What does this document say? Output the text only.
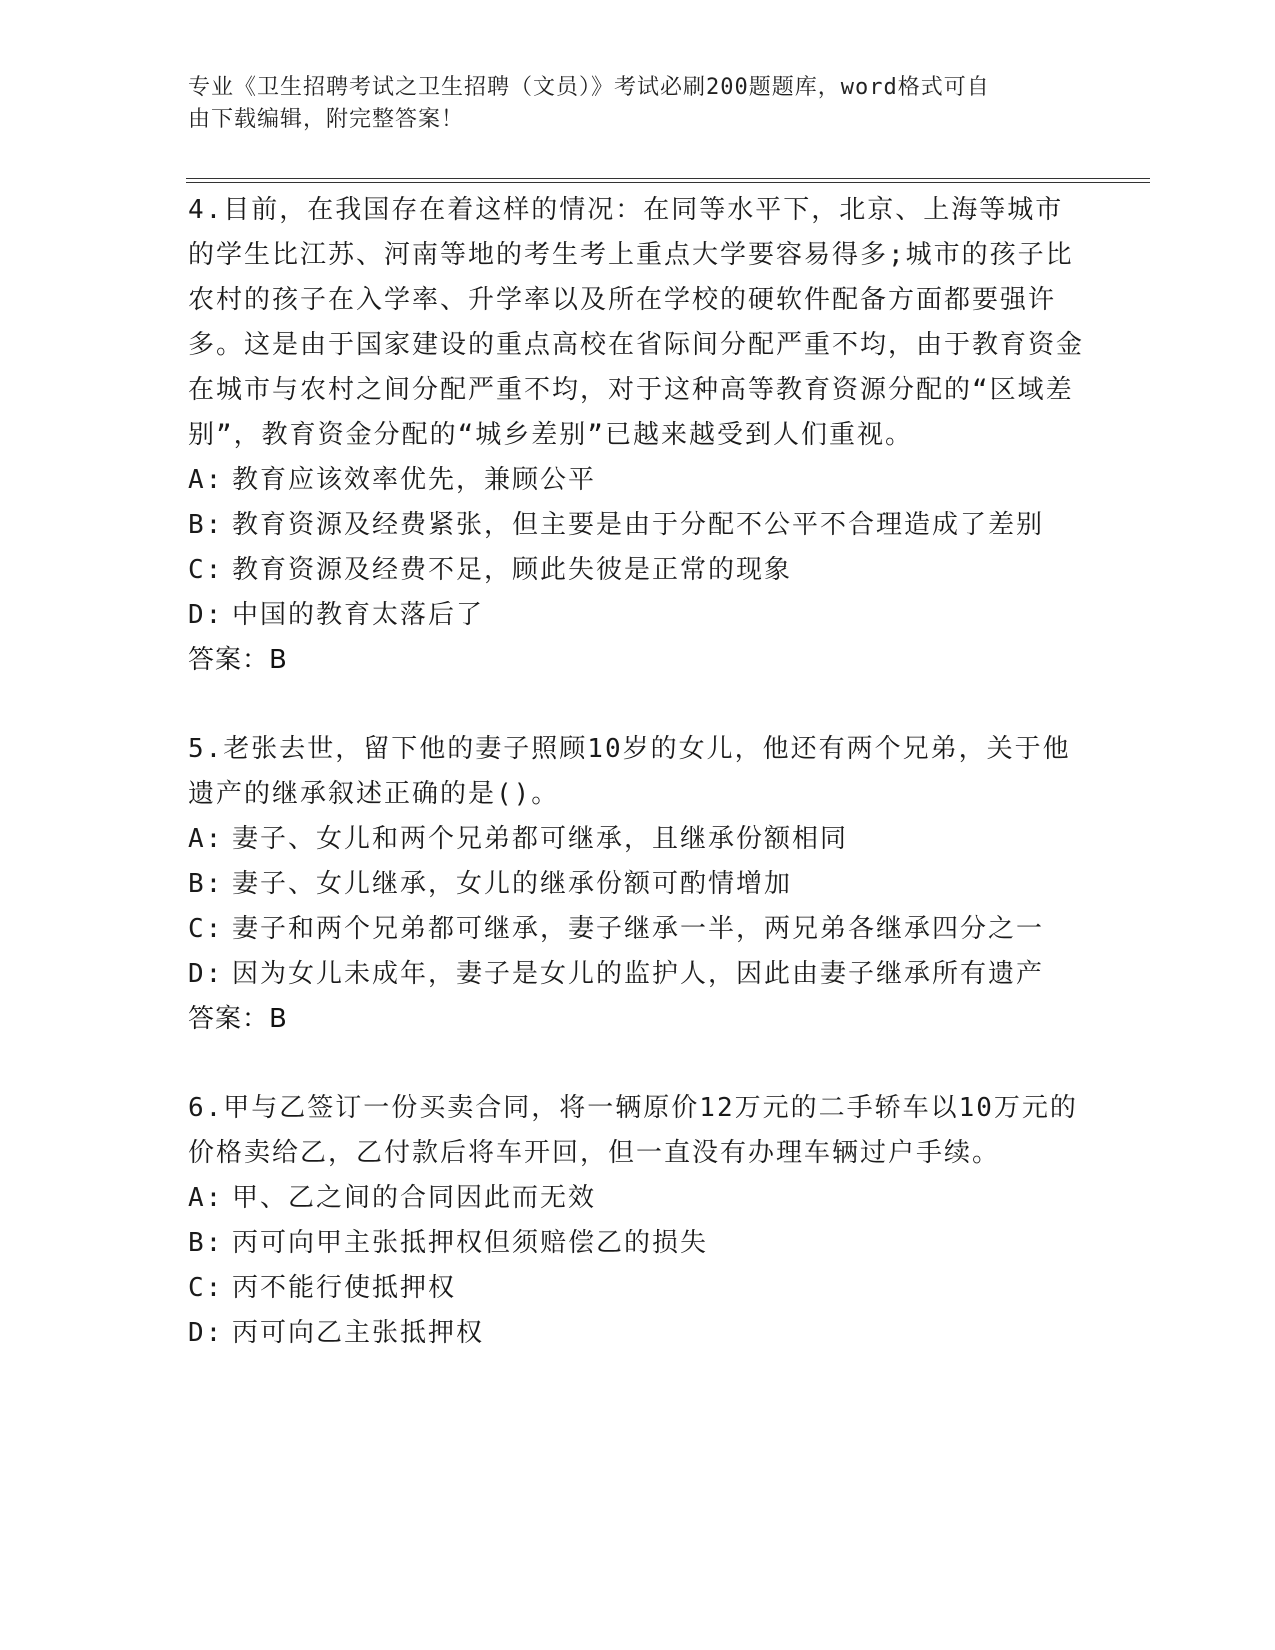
专业《卫生招聘考试之卫生招聘（文员）》考试必刷200题题库，word格式可自
由下载编辑，附完整答案！

4.目前，在我国存在着这样的情况：在同等水平下，北京、上海等城市的学生比江苏、河南等地的考生考上重点大学要容易得多;城市的孩子比农村的孩子在入学率、升学率以及所在学校的硬软件配备方面都要强许多。这是由于国家建设的重点高校在省际间分配严重不均，由于教育资金在城市与农村之间分配严重不均，对于这种高等教育资源分配的“区域差别”，教育资金分配的“城乡差别”已越来越受到人们重视。

A: 教育应该效率优先，兼顾公平

B: 教育资源及经费紧张，但主要是由于分配不公平不合理造成了差别

C: 教育资源及经费不足，顾此失彼是正常的现象

D: 中国的教育太落后了

答案：B

5.老张去世，留下他的妻子照顾10岁的女儿，他还有两个兄弟，关于他遗产的继承叙述正确的是()。

A: 妻子、女儿和两个兄弟都可继承，且继承份额相同

B: 妻子、女儿继承，女儿的继承份额可酌情增加

C: 妻子和两个兄弟都可继承，妻子继承一半，两兄弟各继承四分之一

D: 因为女儿未成年，妻子是女儿的监护人，因此由妻子继承所有遗产

答案：B

6.甲与乙签订一份买卖合同，将一辆原价12万元的二手轿车以10万元的价格卖给乙，乙付款后将车开回，但一直没有办理车辆过户手续。

A: 甲、乙之间的合同因此而无效

B: 丙可向甲主张抵押权但须赔偿乙的损失

C: 丙不能行使抵押权

D: 丙可向乙主张抵押权
